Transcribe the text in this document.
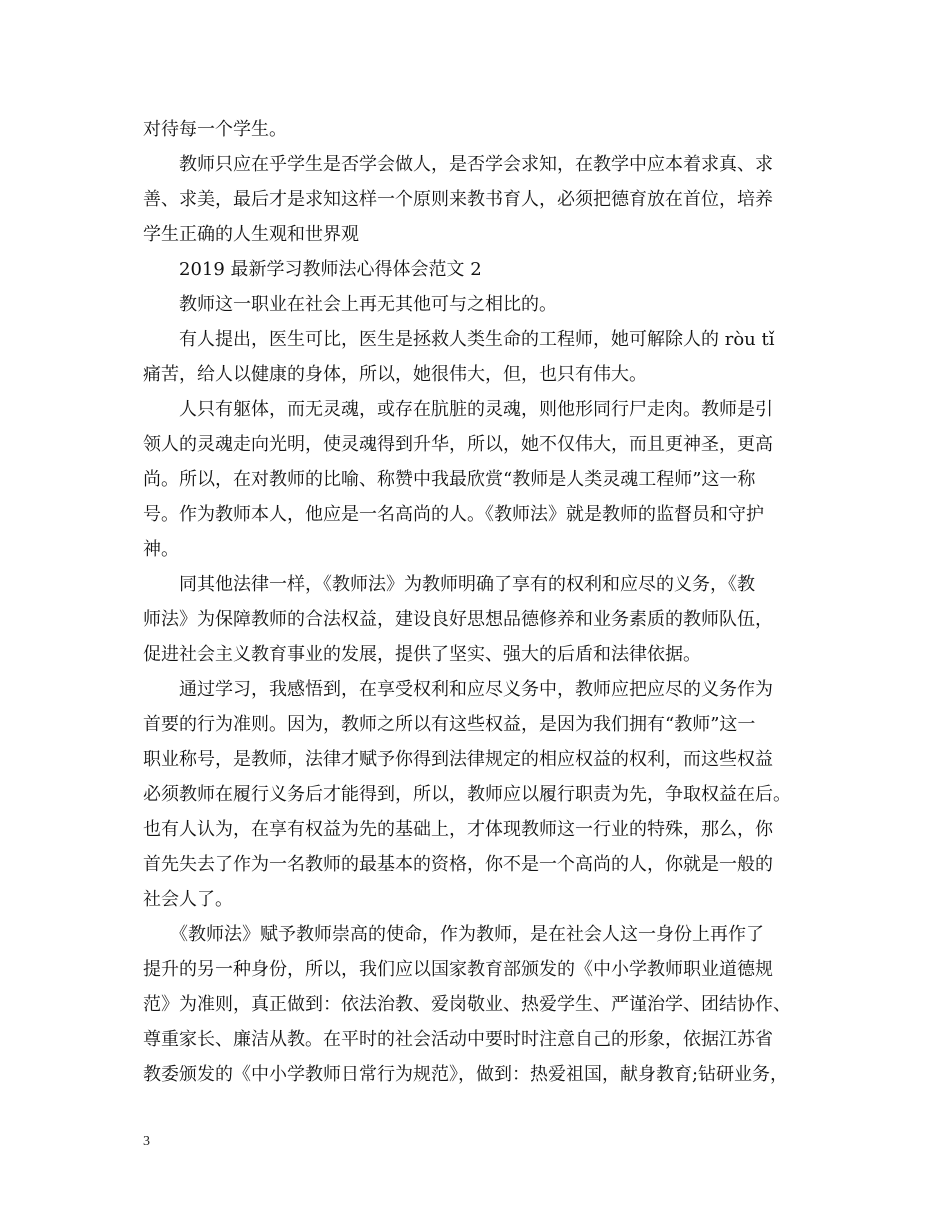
对待每一个学生。
　　教师只应在乎学生是否学会做人，是否学会求知，在教学中应本着求真、求
善、求美，最后才是求知这样一个原则来教书育人，必须把德育放在首位，培养
学生正确的人生观和世界观
　　2019 最新学习教师法心得体会范文 2
　　教师这一职业在社会上再无其他可与之相比的。
　　有人提出，医生可比，医生是拯救人类生命的工程师，她可解除人的 ròu tǐ
痛苦，给人以健康的身体，所以，她很伟大，但，也只有伟大。
　　人只有躯体，而无灵魂，或存在肮脏的灵魂，则他形同行尸走肉。教师是引
领人的灵魂走向光明，使灵魂得到升华，所以，她不仅伟大，而且更神圣，更高
尚。所以，在对教师的比喻、称赞中我最欣赏“教师是人类灵魂工程师”这一称
号。作为教师本人，他应是一名高尚的人。《教师法》就是教师的监督员和守护
神。
　　同其他法律一样，《教师法》为教师明确了享有的权利和应尽的义务，《教
师法》为保障教师的合法权益，建设良好思想品德修养和业务素质的教师队伍，
促进社会主义教育事业的发展，提供了坚实、强大的后盾和法律依据。
　　通过学习，我感悟到，在享受权利和应尽义务中，教师应把应尽的义务作为
首要的行为准则。因为，教师之所以有这些权益，是因为我们拥有“教师”这一
职业称号，是教师，法律才赋予你得到法律规定的相应权益的权利，而这些权益
必须教师在履行义务后才能得到，所以，教师应以履行职责为先，争取权益在后。
也有人认为，在享有权益为先的基础上，才体现教师这一行业的特殊，那么，你
首先失去了作为一名教师的最基本的资格，你不是一个高尚的人，你就是一般的
社会人了。
　　《教师法》赋予教师崇高的使命，作为教师，是在社会人这一身份上再作了
提升的另一种身份，所以，我们应以国家教育部颁发的《中小学教师职业道德规
范》为准则，真正做到：依法治教、爱岗敬业、热爱学生、严谨治学、团结协作、
尊重家长、廉洁从教。在平时的社会活动中要时时注意自己的形象，依据江苏省
教委颁发的《中小学教师日常行为规范》，做到：热爱祖国，献身教育;钻研业务，
3
